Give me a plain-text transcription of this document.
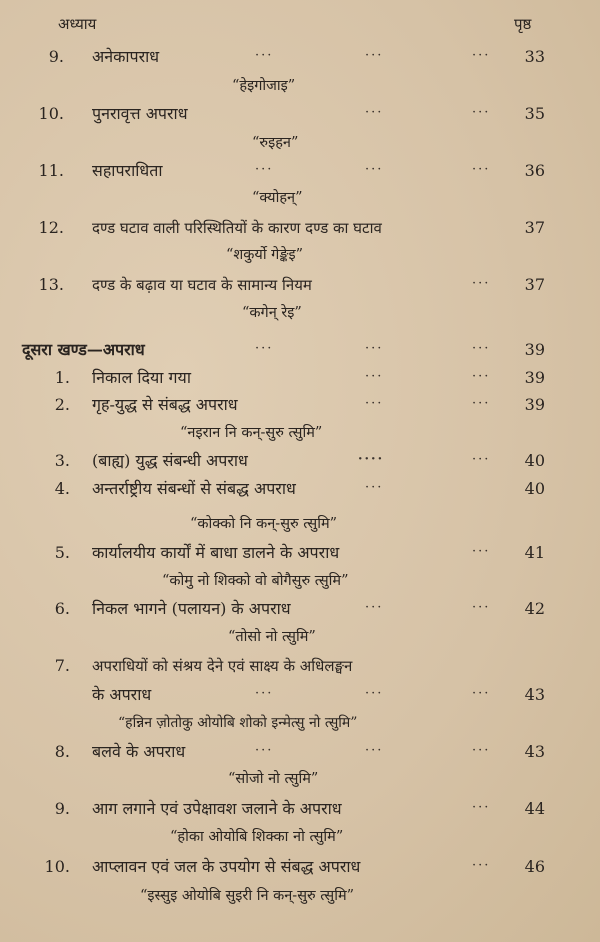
अध्याय	पृष्ठ
9. अनेकापराध	···	···	···	33
“हेइगोजाइ”
10. पुनरावृत्त अपराध	···	···	35
“रुइहन”
11. सहापराधिता	···	···	···	36
“क्योहन्”
12. दण्ड घटाव वाली परिस्थितियों के कारण दण्ड का घटाव	37
“शकुर्यो गेङ्केइ”
13. दण्ड के बढ़ाव या घटाव के सामान्य नियम	···	37
“कगेन् रेइ”
दूसरा खण्ड—अपराध	···	···	···	39
1. निकाल दिया गया	···	···	39
2. गृह-युद्ध से संबद्ध अपराध	···	···	39
“नइरान नि कन्-सुरु त्सुमि”
3. (बाह्य) युद्ध संबन्धी अपराध	····	···	40
4. अन्तर्राष्ट्रीय संबन्धों से संबद्ध अपराध	···	40
“कोक्को नि कन्-सुरु त्सुमि”
5. कार्यालयीय कार्यों में बाधा डालने के अपराध	···	41
“कोमु नो शिक्को वो बोगैसुरु त्सुमि”
6. निकल भागने (पलायन) के अपराध	···	···	42
“तोसो नो त्सुमि”
7. अपराधियों को संश्रय देने एवं साक्ष्य के अधिलङ्घन
के अपराध	···	···	···	43
“हन्निन ज़ोतोकु ओयोबि शोको इन्मेत्सु नो त्सुमि”
8. बलवे के अपराध	···	···	···	43
“सोजो नो त्सुमि”
9. आग लगाने एवं उपेक्षावश जलाने के अपराध	···	44
“होका ओयोबि शिक्का नो त्सुमि”
10. आप्लावन एवं जल के उपयोग से संबद्ध अपराध	···	46
“इस्सुइ ओयोबि सुइरी नि कन्-सुरु त्सुमि”
